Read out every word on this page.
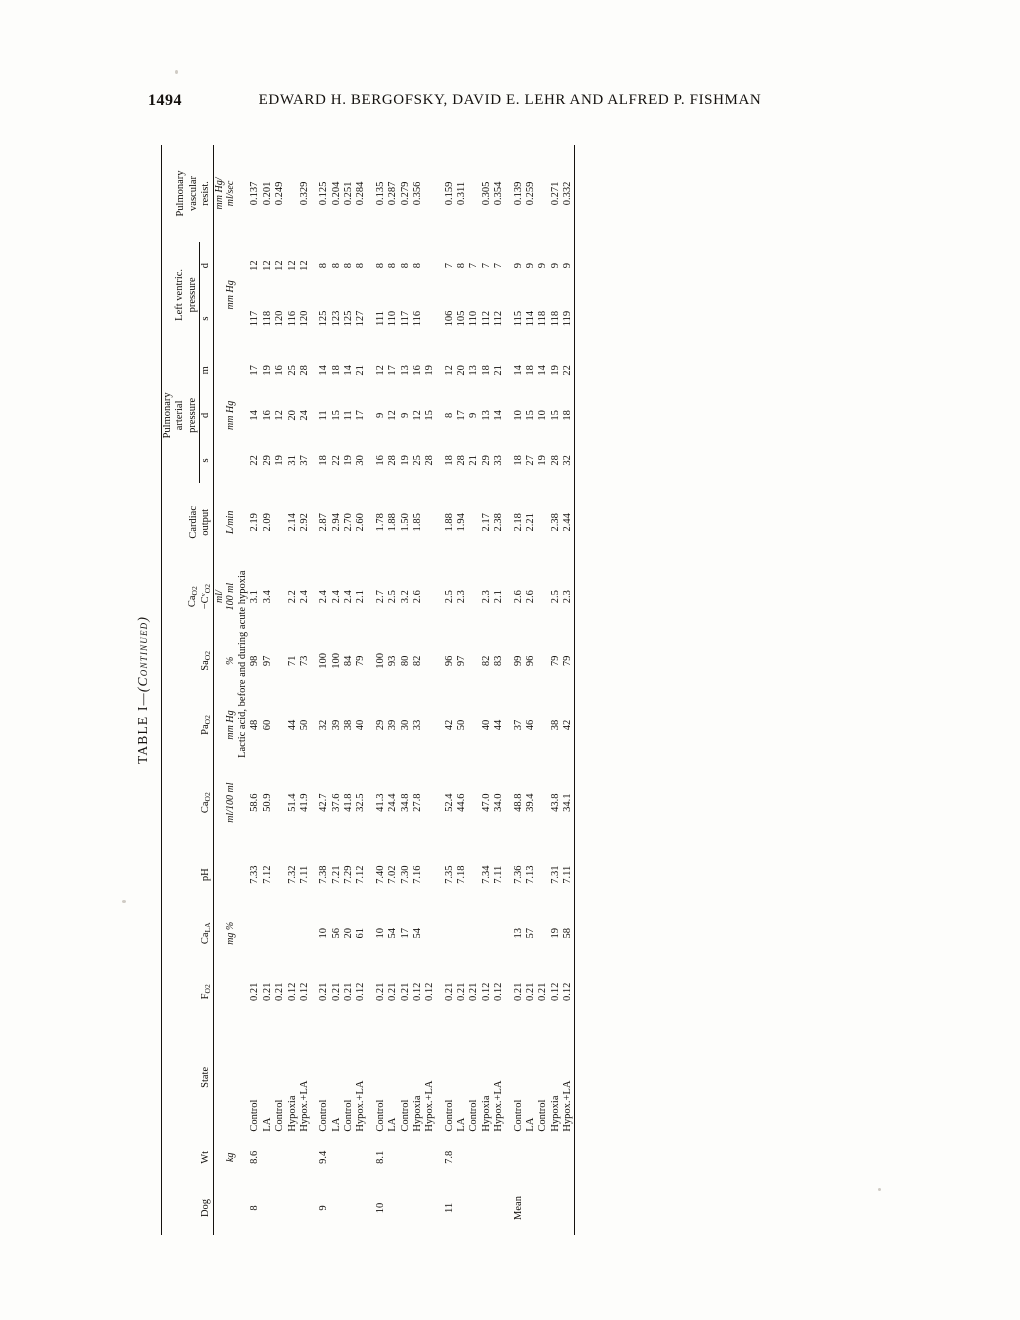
1494	EDWARD H. BERGOFSKY, DAVID E. LEHR AND ALFRED P. FISHMAN
TABLE I—(Continued)
Dog	Wt	State	$F_{O2}$	$Ca_{LA}$	pH	$Ca_{O2}$	$Pa_{O2}$	$Sa_{O2}$	$Ca_{O2}$
−Cᵛ$_{O2}$	Cardiac
output	Pulmonary
arterial
pressure			Left ventric.
pressure		Pulmonary
vascular
resist.
											s	d	m	s	d	
	kg			mg %		ml/100 ml	mm Hg	%	ml/
100 ml	L/min	mm Hg			mm Hg		mm Hg/
ml/sec
						Lactic acid, before and during acute hypoxia										
8	8.6	Control	0.21		7.33	58.6	48	98	3.1	2.19	22	14	17	117	12	0.137
		LA	0.21		7.12	50.9	60	97	3.4	2.09	29	16	19	118	12	0.201
		Control	0.21								19	12	16	120	12	0.249
		Hypoxia	0.12		7.32	51.4	44	71	2.2	2.14	31	20	25	116	12	
		Hypox.+LA	0.12		7.11	41.9	50	73	2.4	2.92	37	24	28	120	12	0.329

9	9.4	Control	0.21	10	7.38	42.7	32	100	2.4	2.87	18	11	14	125	8	0.125
		LA	0.21	56	7.21	37.6	39	100	2.4	2.94	22	15	18	123	8	0.204
		Control	0.21	20	7.29	41.8	38	84	2.4	2.70	19	11	14	125	8	0.251
		Hypox.+LA	0.12	61	7.12	32.5	40	79	2.1	2.60	30	17	21	127	8	0.284

10	8.1	Control	0.21	10	7.40	41.3	29	100	2.7	1.78	16	9	12	111	8	0.135
		LA	0.21	54	7.02	24.4	39	93	2.5	1.88	28	12	17	110	8	0.287
		Control	0.21	17	7.30	34.8	30	80	3.2	1.50	19	9	13	117	8	0.279
		Hypoxia	0.12	54	7.16	27.8	33	82	2.6	1.85	25	12	16	116	8	0.356
		Hypox.+LA	0.12								28	15	19			

11	7.8	Control	0.21		7.35	52.4	42	96	2.5	1.88	18	8	12	106	7	0.159
		LA	0.21		7.18	44.6	50	97	2.3	1.94	28	17	20	105	8	0.311
		Control	0.21								21	9	13	110	7	
		Hypoxia	0.12		7.34	47.0	40	82	2.3	2.17	29	13	18	112	7	0.305
		Hypox.+LA	0.12		7.11	34.0	44	83	2.1	2.38	33	14	21	112	7	0.354

Mean		Control	0.21	13	7.36	48.8	37	99	2.6	2.18	18	10	14	115	9	0.139
		LA	0.21	57	7.13	39.4	46	96	2.6	2.21	27	15	18	114	9	0.259
		Control	0.21								19	10	14	118	9	
		Hypoxia	0.12	19	7.31	43.8	38	79	2.5	2.38	28	15	19	118	9	0.271
		Hypox.+LA	0.12	58	7.11	34.1	42	79	2.3	2.44	32	18	22	119	9	0.332
